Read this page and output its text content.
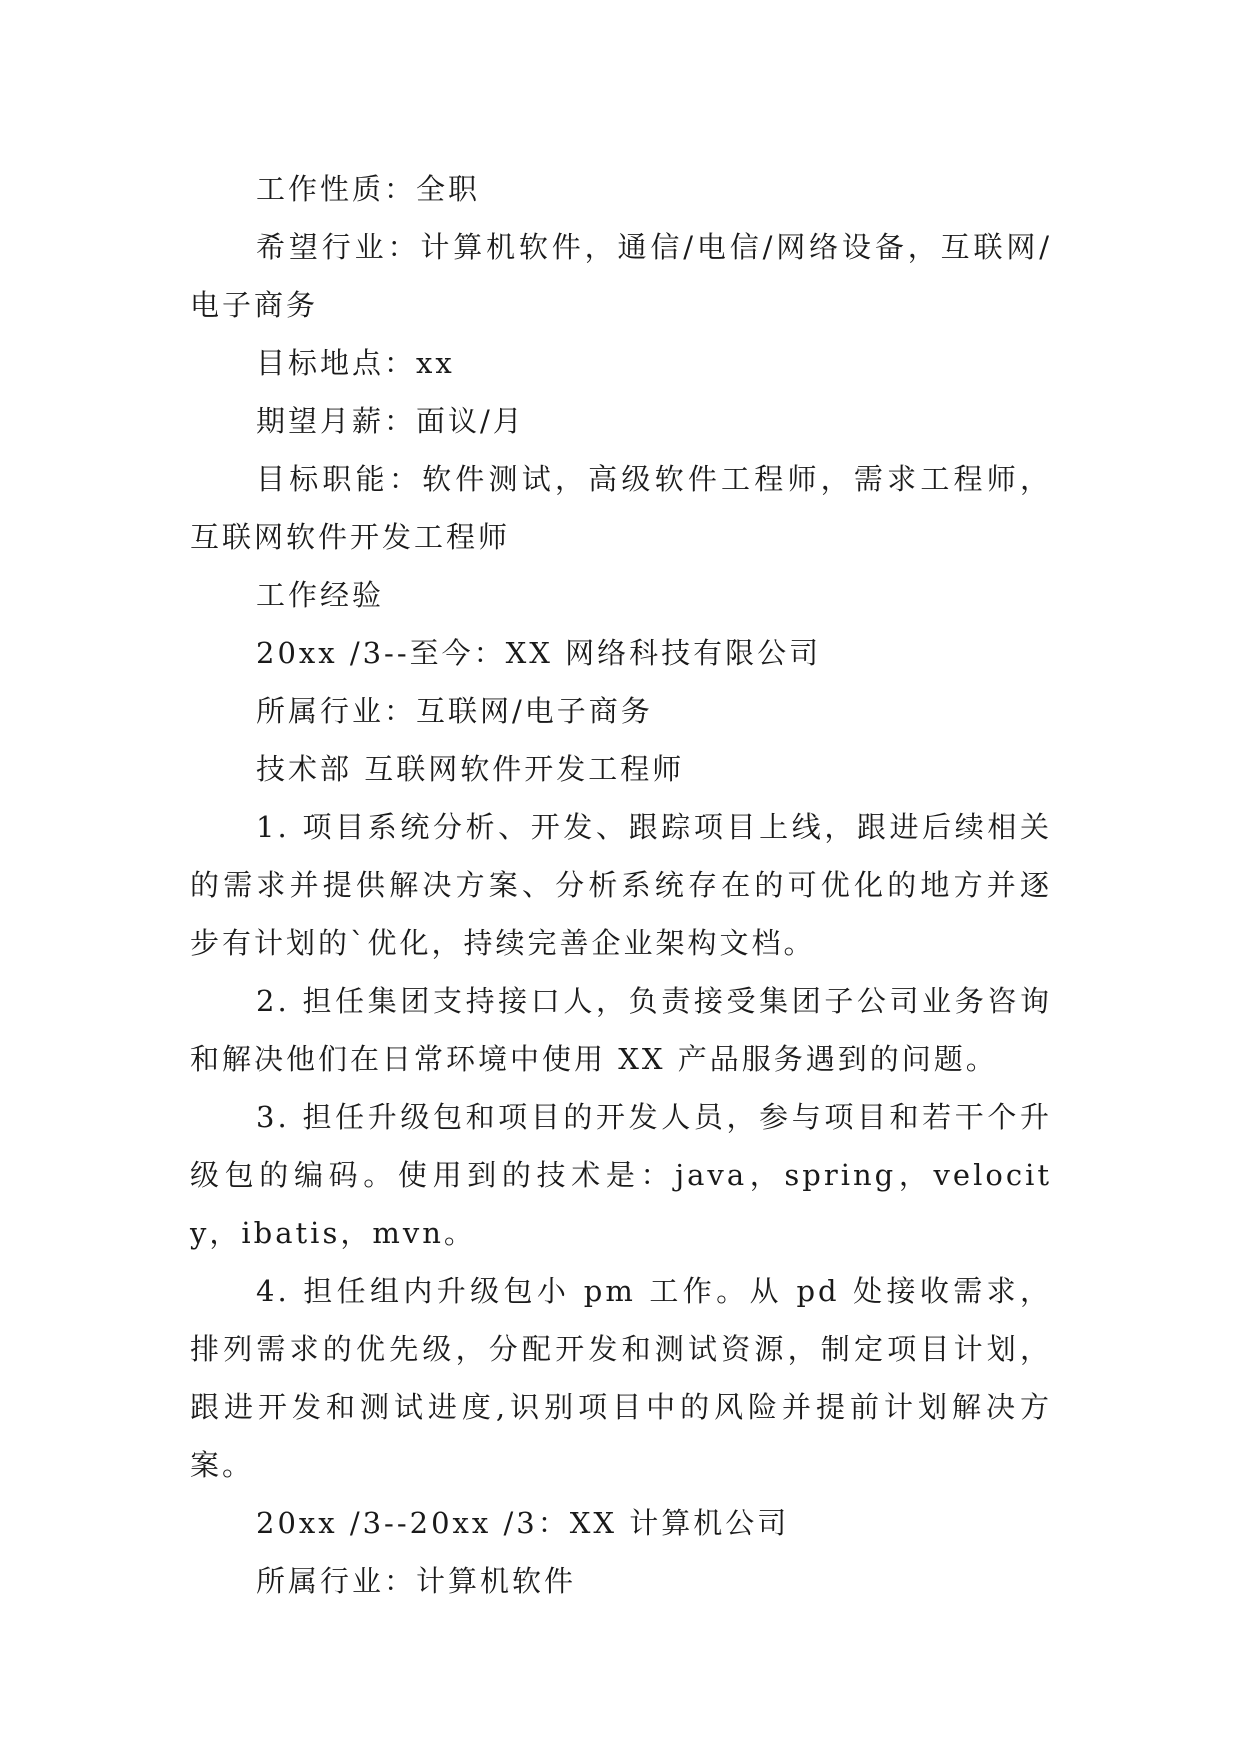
工作性质：全职

希望行业：计算机软件，通信/电信/网络设备，互联网/电子商务

目标地点：xx

期望月薪：面议/月

目标职能：软件测试，高级软件工程师，需求工程师，互联网软件开发工程师

工作经验

20xx /3--至今：XX 网络科技有限公司

所属行业：互联网/电子商务

技术部 互联网软件开发工程师

1. 项目系统分析、开发、跟踪项目上线，跟进后续相关的需求并提供解决方案、分析系统存在的可优化的地方并逐步有计划的`优化，持续完善企业架构文档。

2. 担任集团支持接口人，负责接受集团子公司业务咨询和解决他们在日常环境中使用 XX 产品服务遇到的问题。

3. 担任升级包和项目的开发人员，参与项目和若干个升级包的编码。使用到的技术是：java，spring，velocity，ibatis，mvn。

4. 担任组内升级包小 pm 工作。从 pd 处接收需求，排列需求的优先级，分配开发和测试资源，制定项目计划，跟进开发和测试进度,识别项目中的风险并提前计划解决方案。

20xx /3--20xx /3：XX 计算机公司

所属行业：计算机软件
